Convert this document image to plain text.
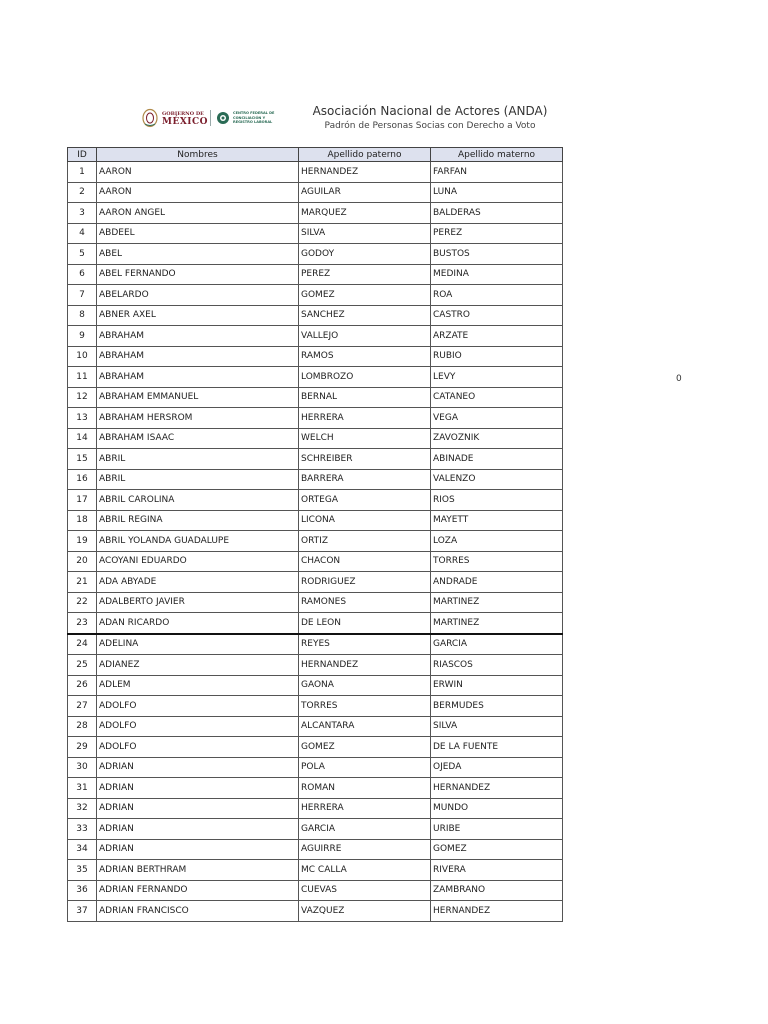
GOBIERNO DE
MÉXICO
CENTRO FEDERAL DE CONCILIACIÓN Y REGISTRO LABORAL
Asociación Nacional de Actores (ANDA)
Padrón de Personas Socias con Derecho a Voto
0
ID	Nombres	Apellido paterno	Apellido materno
1	AARON	HERNANDEZ	FARFAN
2	AARON	AGUILAR	LUNA
3	AARON ANGEL	MARQUEZ	BALDERAS
4	ABDEEL	SILVA	PEREZ
5	ABEL	GODOY	BUSTOS
6	ABEL FERNANDO	PEREZ	MEDINA
7	ABELARDO	GOMEZ	ROA
8	ABNER AXEL	SANCHEZ	CASTRO
9	ABRAHAM	VALLEJO	ARZATE
10	ABRAHAM	RAMOS	RUBIO
11	ABRAHAM	LOMBROZO	LEVY
12	ABRAHAM EMMANUEL	BERNAL	CATANEO
13	ABRAHAM HERSROM	HERRERA	VEGA
14	ABRAHAM ISAAC	WELCH	ZAVOZNIK
15	ABRIL	SCHREIBER	ABINADE
16	ABRIL	BARRERA	VALENZO
17	ABRIL CAROLINA	ORTEGA	RIOS
18	ABRIL REGINA	LICONA	MAYETT
19	ABRIL YOLANDA GUADALUPE	ORTIZ	LOZA
20	ACOYANI EDUARDO	CHACON	TORRES
21	ADA ABYADE	RODRIGUEZ	ANDRADE
22	ADALBERTO JAVIER	RAMONES	MARTINEZ
23	ADAN RICARDO	DE LEON	MARTINEZ
24	ADELINA	REYES	GARCIA
25	ADIANEZ	HERNANDEZ	RIASCOS
26	ADLEM	GAONA	ERWIN
27	ADOLFO	TORRES	BERMUDES
28	ADOLFO	ALCANTARA	SILVA
29	ADOLFO	GOMEZ	DE LA FUENTE
30	ADRIAN	POLA	OJEDA
31	ADRIAN	ROMAN	HERNANDEZ
32	ADRIAN	HERRERA	MUNDO
33	ADRIAN	GARCIA	URIBE
34	ADRIAN	AGUIRRE	GOMEZ
35	ADRIAN BERTHRAM	MC CALLA	RIVERA
36	ADRIAN FERNANDO	CUEVAS	ZAMBRANO
37	ADRIAN FRANCISCO	VAZQUEZ	HERNANDEZ
